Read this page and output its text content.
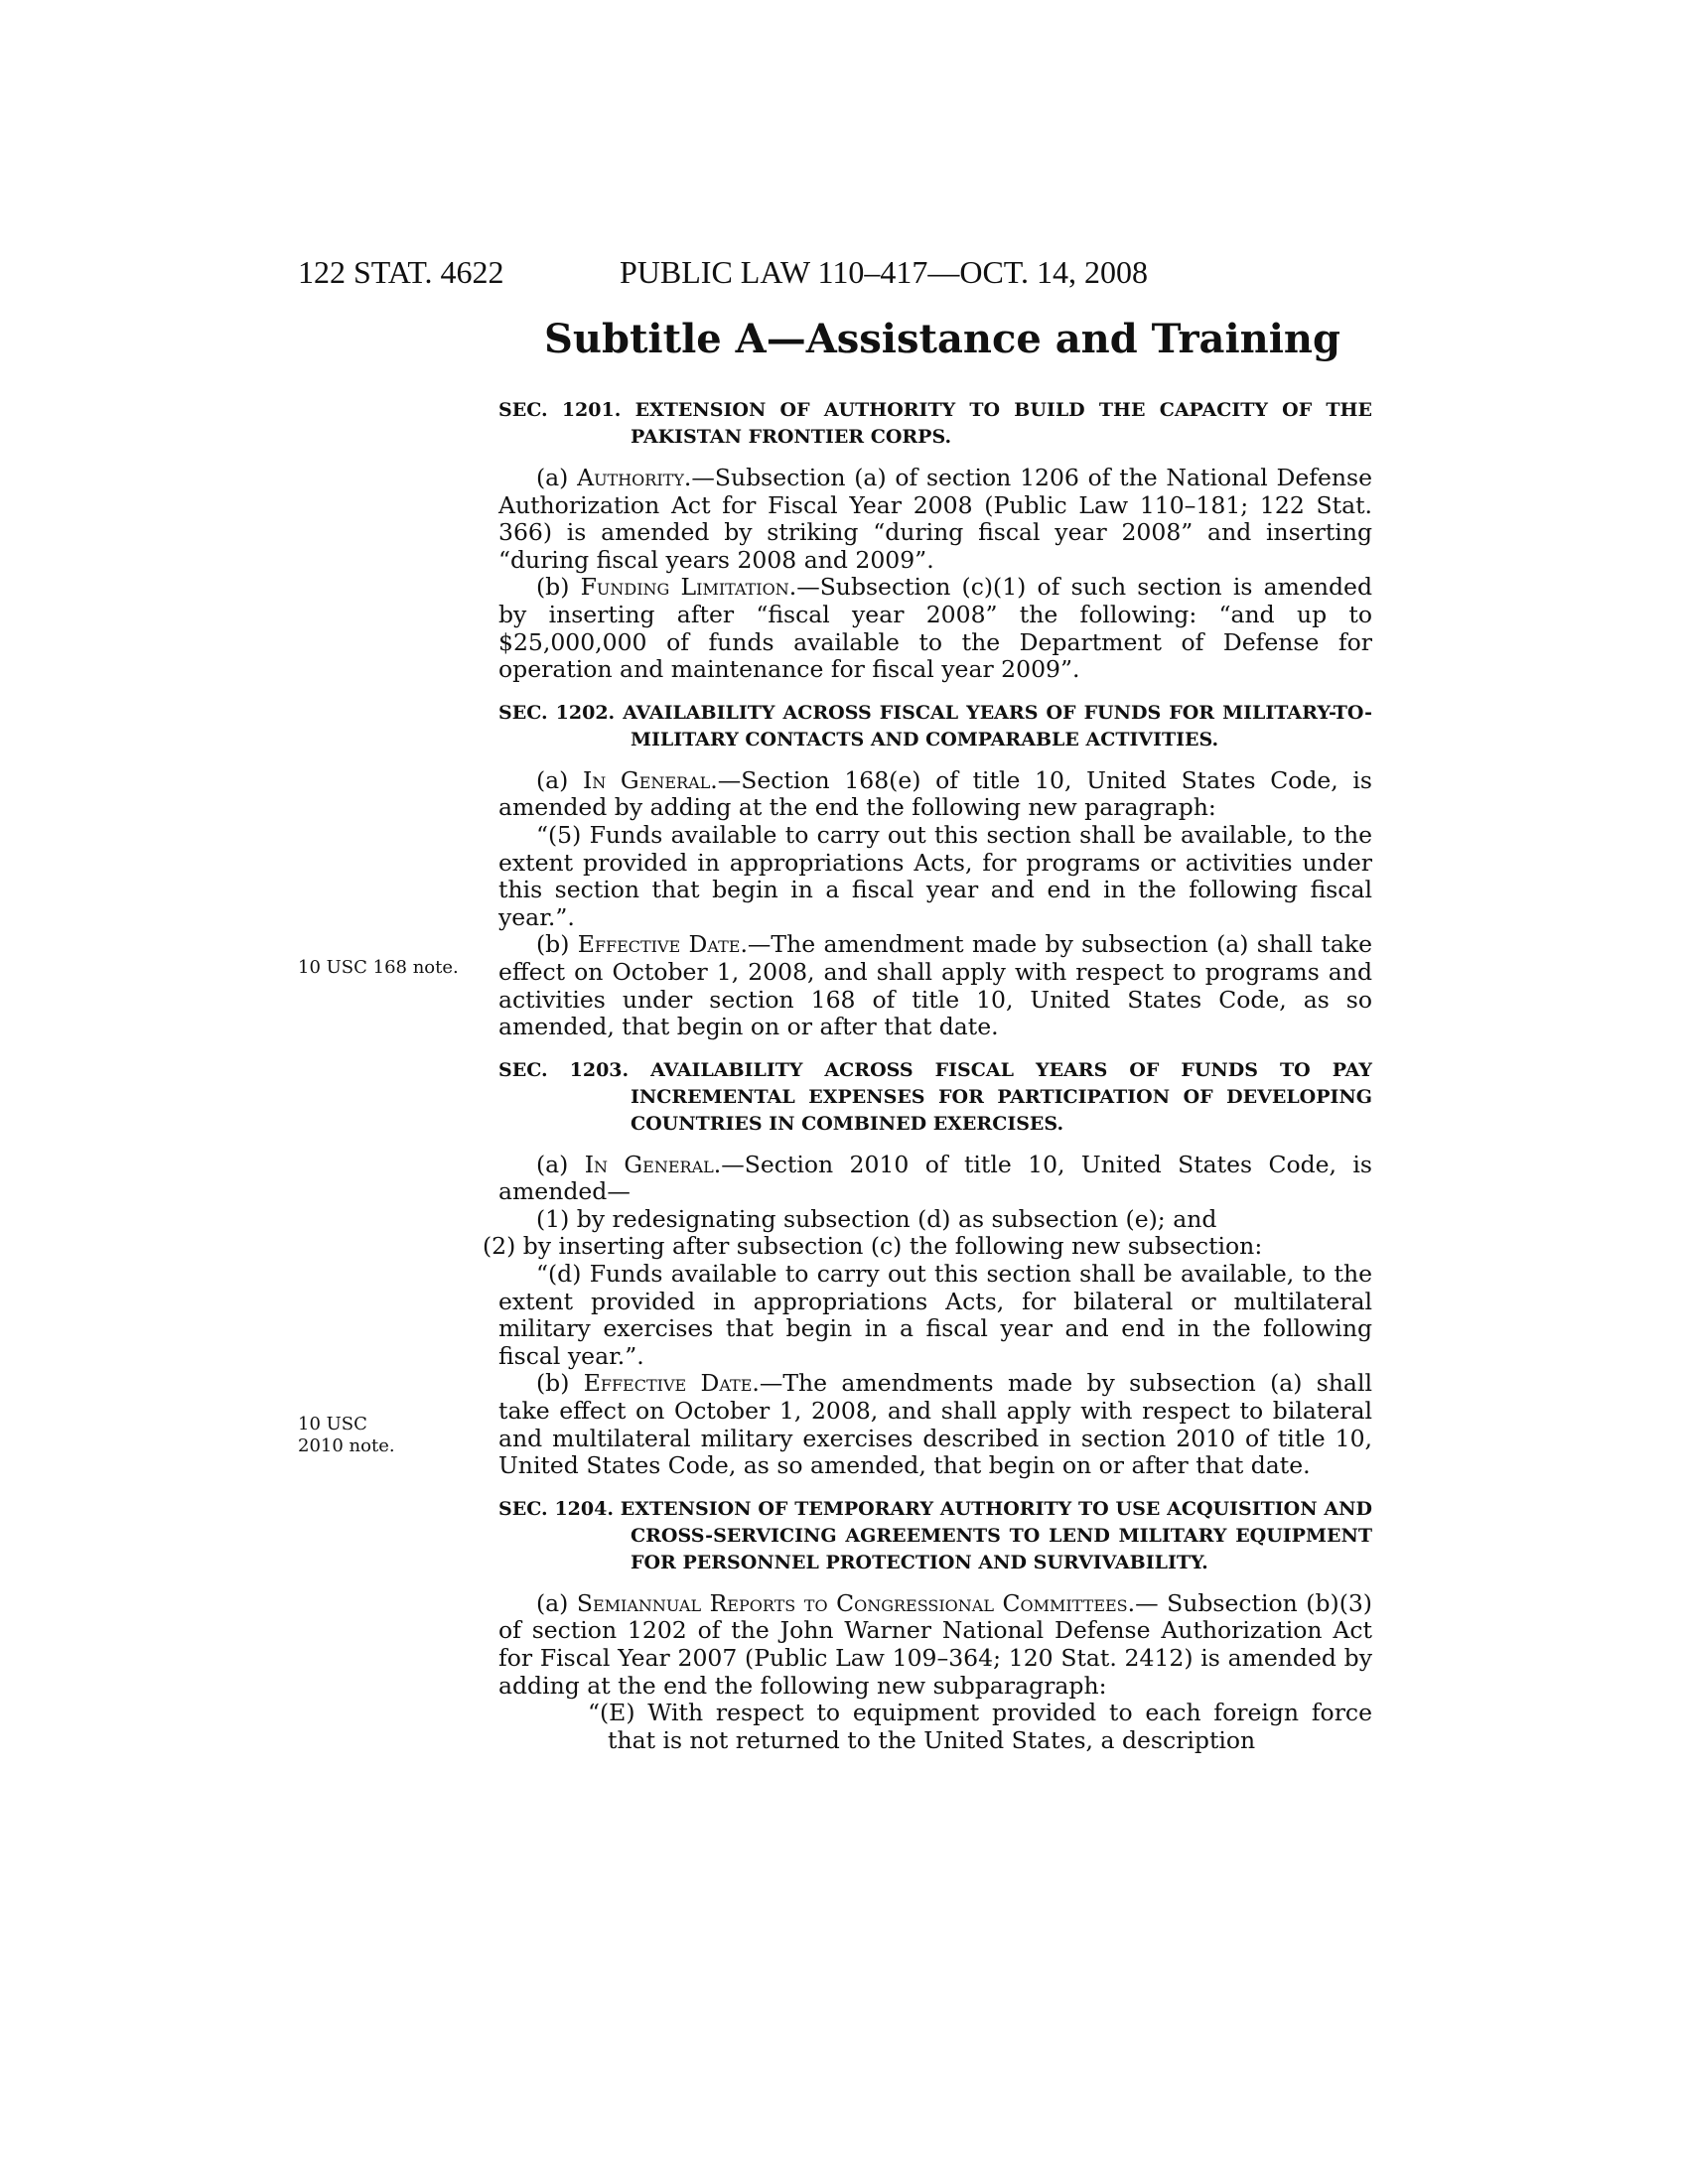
122 STAT. 4622	PUBLIC LAW 110–417—OCT. 14, 2008
Subtitle A—Assistance and Training
10 USC 168 note.
10 USC 2010 note.
SEC. 1201. EXTENSION OF AUTHORITY TO BUILD THE CAPACITY OF THE PAKISTAN FRONTIER CORPS.

(a) Authority.—Subsection (a) of section 1206 of the National Defense Authorization Act for Fiscal Year 2008 (Public Law 110–181; 122 Stat. 366) is amended by striking “during fiscal year 2008” and inserting “during fiscal years 2008 and 2009”.

(b) Funding Limitation.—Subsection (c)(1) of such section is amended by inserting after “fiscal year 2008” the following: “and up to $25,000,000 of funds available to the Department of Defense for operation and maintenance for fiscal year 2009”.

SEC. 1202. AVAILABILITY ACROSS FISCAL YEARS OF FUNDS FOR MILITARY-TO-MILITARY CONTACTS AND COMPARABLE ACTIVITIES.

(a) In General.—Section 168(e) of title 10, United States Code, is amended by adding at the end the following new paragraph:

“(5) Funds available to carry out this section shall be available, to the extent provided in appropriations Acts, for programs or activities under this section that begin in a fiscal year and end in the following fiscal year.”.

(b) Effective Date.—The amendment made by subsection (a) shall take effect on October 1, 2008, and shall apply with respect to programs and activities under section 168 of title 10, United States Code, as so amended, that begin on or after that date.

SEC. 1203. AVAILABILITY ACROSS FISCAL YEARS OF FUNDS TO PAY INCREMENTAL EXPENSES FOR PARTICIPATION OF DEVELOPING COUNTRIES IN COMBINED EXERCISES.

(a) In General.—Section 2010 of title 10, United States Code, is amended—

(1) by redesignating subsection (d) as subsection (e); and

(2) by inserting after subsection (c) the following new subsection:

“(d) Funds available to carry out this section shall be available, to the extent provided in appropriations Acts, for bilateral or multilateral military exercises that begin in a fiscal year and end in the following fiscal year.”.

(b) Effective Date.—The amendments made by subsection (a) shall take effect on October 1, 2008, and shall apply with respect to bilateral and multilateral military exercises described in section 2010 of title 10, United States Code, as so amended, that begin on or after that date.

SEC. 1204. EXTENSION OF TEMPORARY AUTHORITY TO USE ACQUISITION AND CROSS-SERVICING AGREEMENTS TO LEND MILITARY EQUIPMENT FOR PERSONNEL PROTECTION AND SURVIVABILITY.

(a) Semiannual Reports to Congressional Committees.— Subsection (b)(3) of section 1202 of the John Warner National Defense Authorization Act for Fiscal Year 2007 (Public Law 109–364; 120 Stat. 2412) is amended by adding at the end the following new subparagraph:

“(E) With respect to equipment provided to each foreign force that is not returned to the United States, a description
